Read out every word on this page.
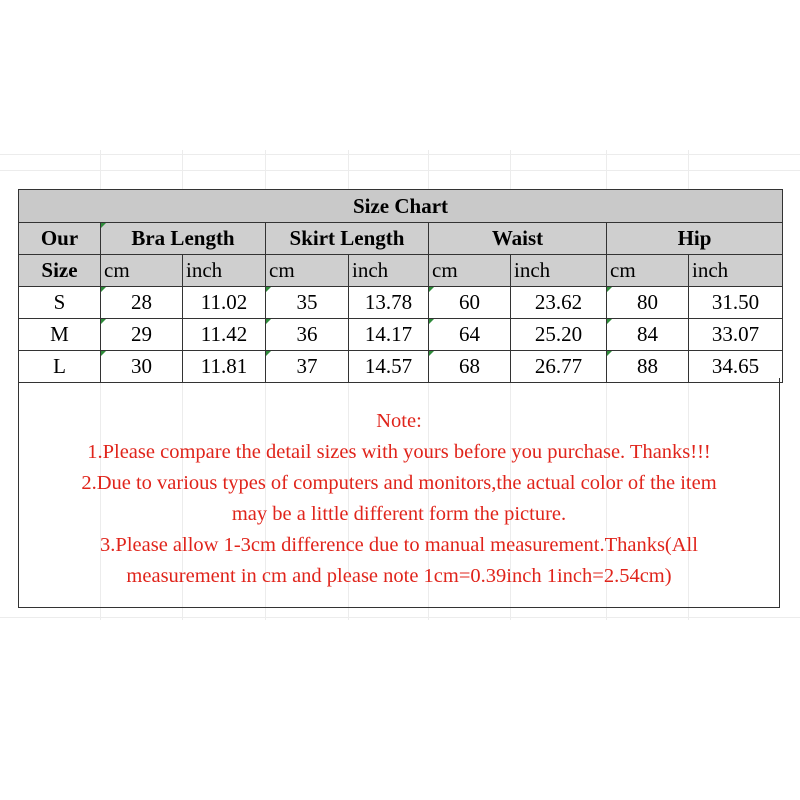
Size Chart								
Our	Bra Length		Skirt Length		Waist		Hip	
Size	cm	inch	cm	inch	cm	inch	cm	inch
S	28	11.02	35	13.78	60	23.62	80	31.50
M	29	11.42	36	14.17	64	25.20	84	33.07
L	30	11.81	37	14.57	68	26.77	88	34.65

Note:

1.Please compare the detail sizes with yours before you purchase. Thanks!!!

2.Due to various types of computers and monitors,the actual color of the item

may be a little different form the picture.

3.Please allow 1-3cm difference due to manual measurement.Thanks(All

measurement in cm and please note 1cm=0.39inch 1inch=2.54cm)
